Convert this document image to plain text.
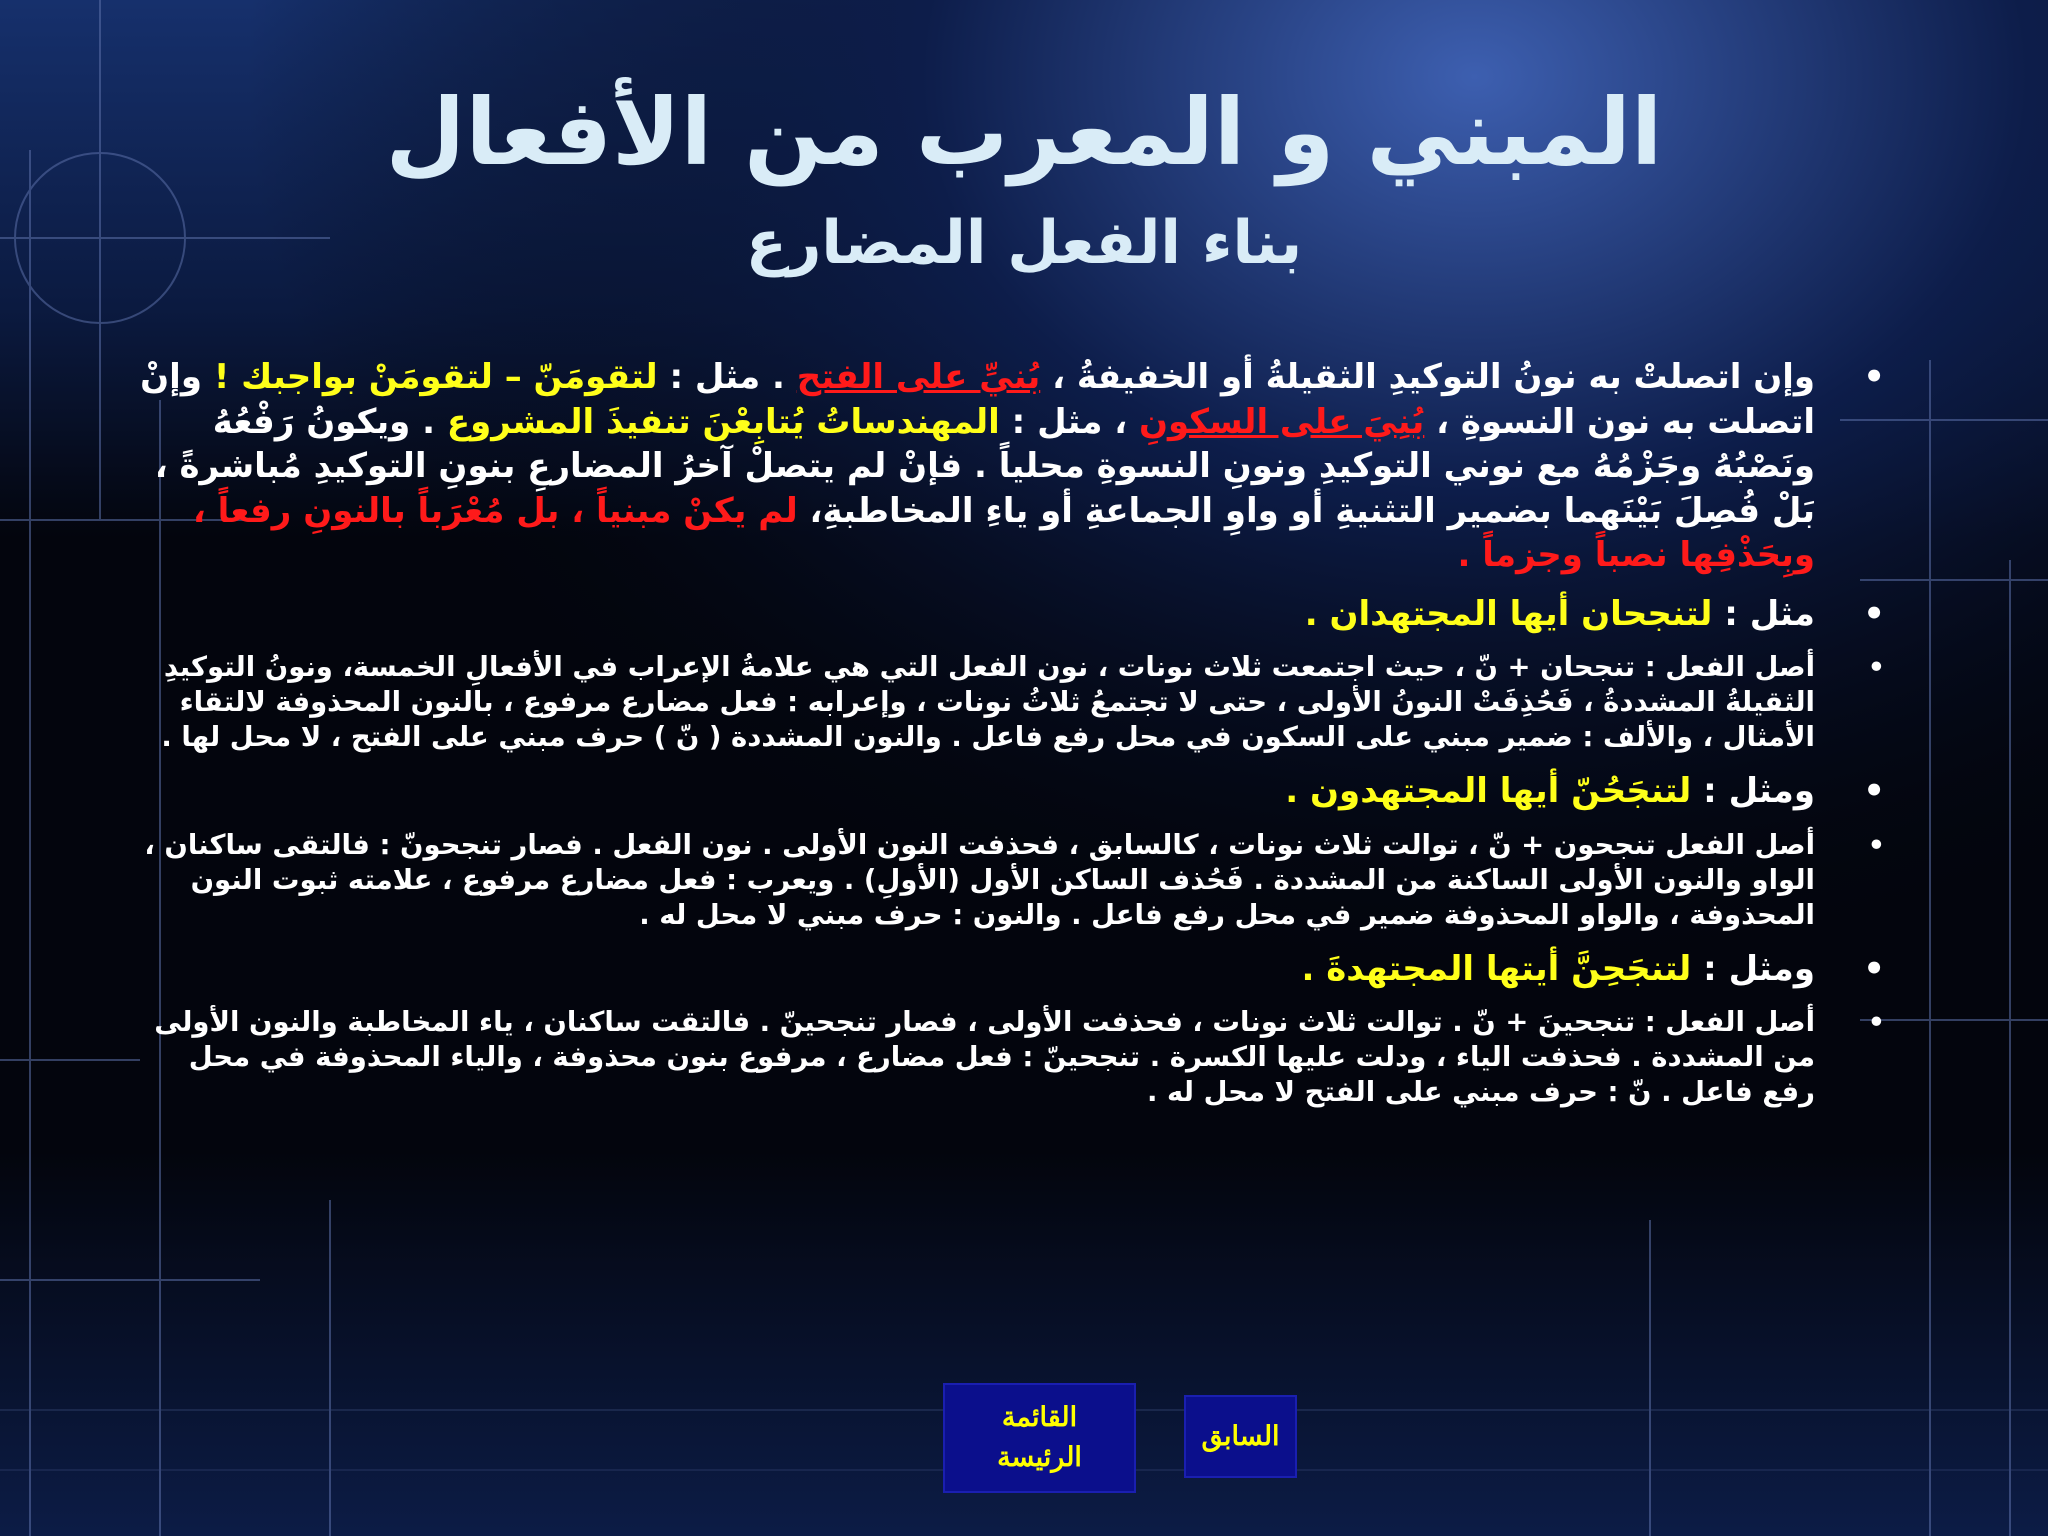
المبني و المعرب من الأفعال
بناء الفعل المضارع
•
وإن اتصلتْ به نونُ التوكيدِ الثقيلةُ أو الخفيفةُ ، بُنيِّ على الفتح . مثل : لتقومَنّ – لتقومَنْ بواجبك ! وإنْ اتصلت به نون النسوةِ ، بُنِيَ على السكونِ ، مثل : المهندساتُ يُتابِعْنَ تنفيذَ المشروع . ويكونُ رَفْعُهُ ونَصْبُهُ وجَزْمُهُ مع نوني التوكيدِ ونونِ النسوةِ محلياً . فإنْ لم يتصلْ آخرُ المضارعِ بنونِ التوكيدِ مُباشرةً ، بَلْ فُصِلَ بَيْنَهما بضمير التثنيةِ أو واوِ الجماعةِ أو ياءِ المخاطبةِ، لم يكنْ مبنياً ، بل مُعْرَباً بالنونِ رفعاً ، وبِحَذْفِها نصباً وجزماً .
•
مثل : لتنجحان أيها المجتهدان .
•
أصل الفعل : تنجحان + نّ ، حيث اجتمعت ثلاث نونات ، نون الفعل التي هي علامةُ الإعراب في الأفعالِ الخمسة، ونونُ التوكيدِ الثقيلةُ المشددةُ ، فَحُذِفَتْ النونُ الأولى ، حتى لا تجتمعُ ثلاثُ نونات ، وإعرابه : فعل مضارع مرفوع ، بالنون المحذوفة لالتقاء الأمثال ، والألف : ضمير مبني على السكون في محل رفع فاعل . والنون المشددة ( نّ ) حرف مبني على الفتح ، لا محل لها .
•
ومثل : لتنجَحُنّ أيها المجتهدون .
•
أصل الفعل تنجحون + نّ ، توالت ثلاث نونات ، كالسابق ، فحذفت النون الأولى . نون الفعل . فصار تنجحونّ : فالتقى ساكنان ، الواو والنون الأولى الساكنة من المشددة . فَحُذف الساكن الأول (الأولِ) . ويعرب : فعل مضارع مرفوع ، علامته ثبوت النون المحذوفة ، والواو المحذوفة ضمير في محل رفع فاعل . والنون : حرف مبني لا محل له .
•
ومثل : لتنجَحِنَّ أيتها المجتهدةَ .
•
أصل الفعل : تنجحينَ + نّ . توالت ثلاث نونات ، فحذفت الأولى ، فصار تنجحينّ . فالتقت ساكنان ، ياء المخاطبة والنون الأولى من المشددة . فحذفت الياء ، ودلت عليها الكسرة . تنجحينّ : فعل مضارع ، مرفوع بنون محذوفة ، والياء المحذوفة في محل رفع فاعل . نّ : حرف مبني على الفتح لا محل له .
القائمة
الرئيسة
السابق
